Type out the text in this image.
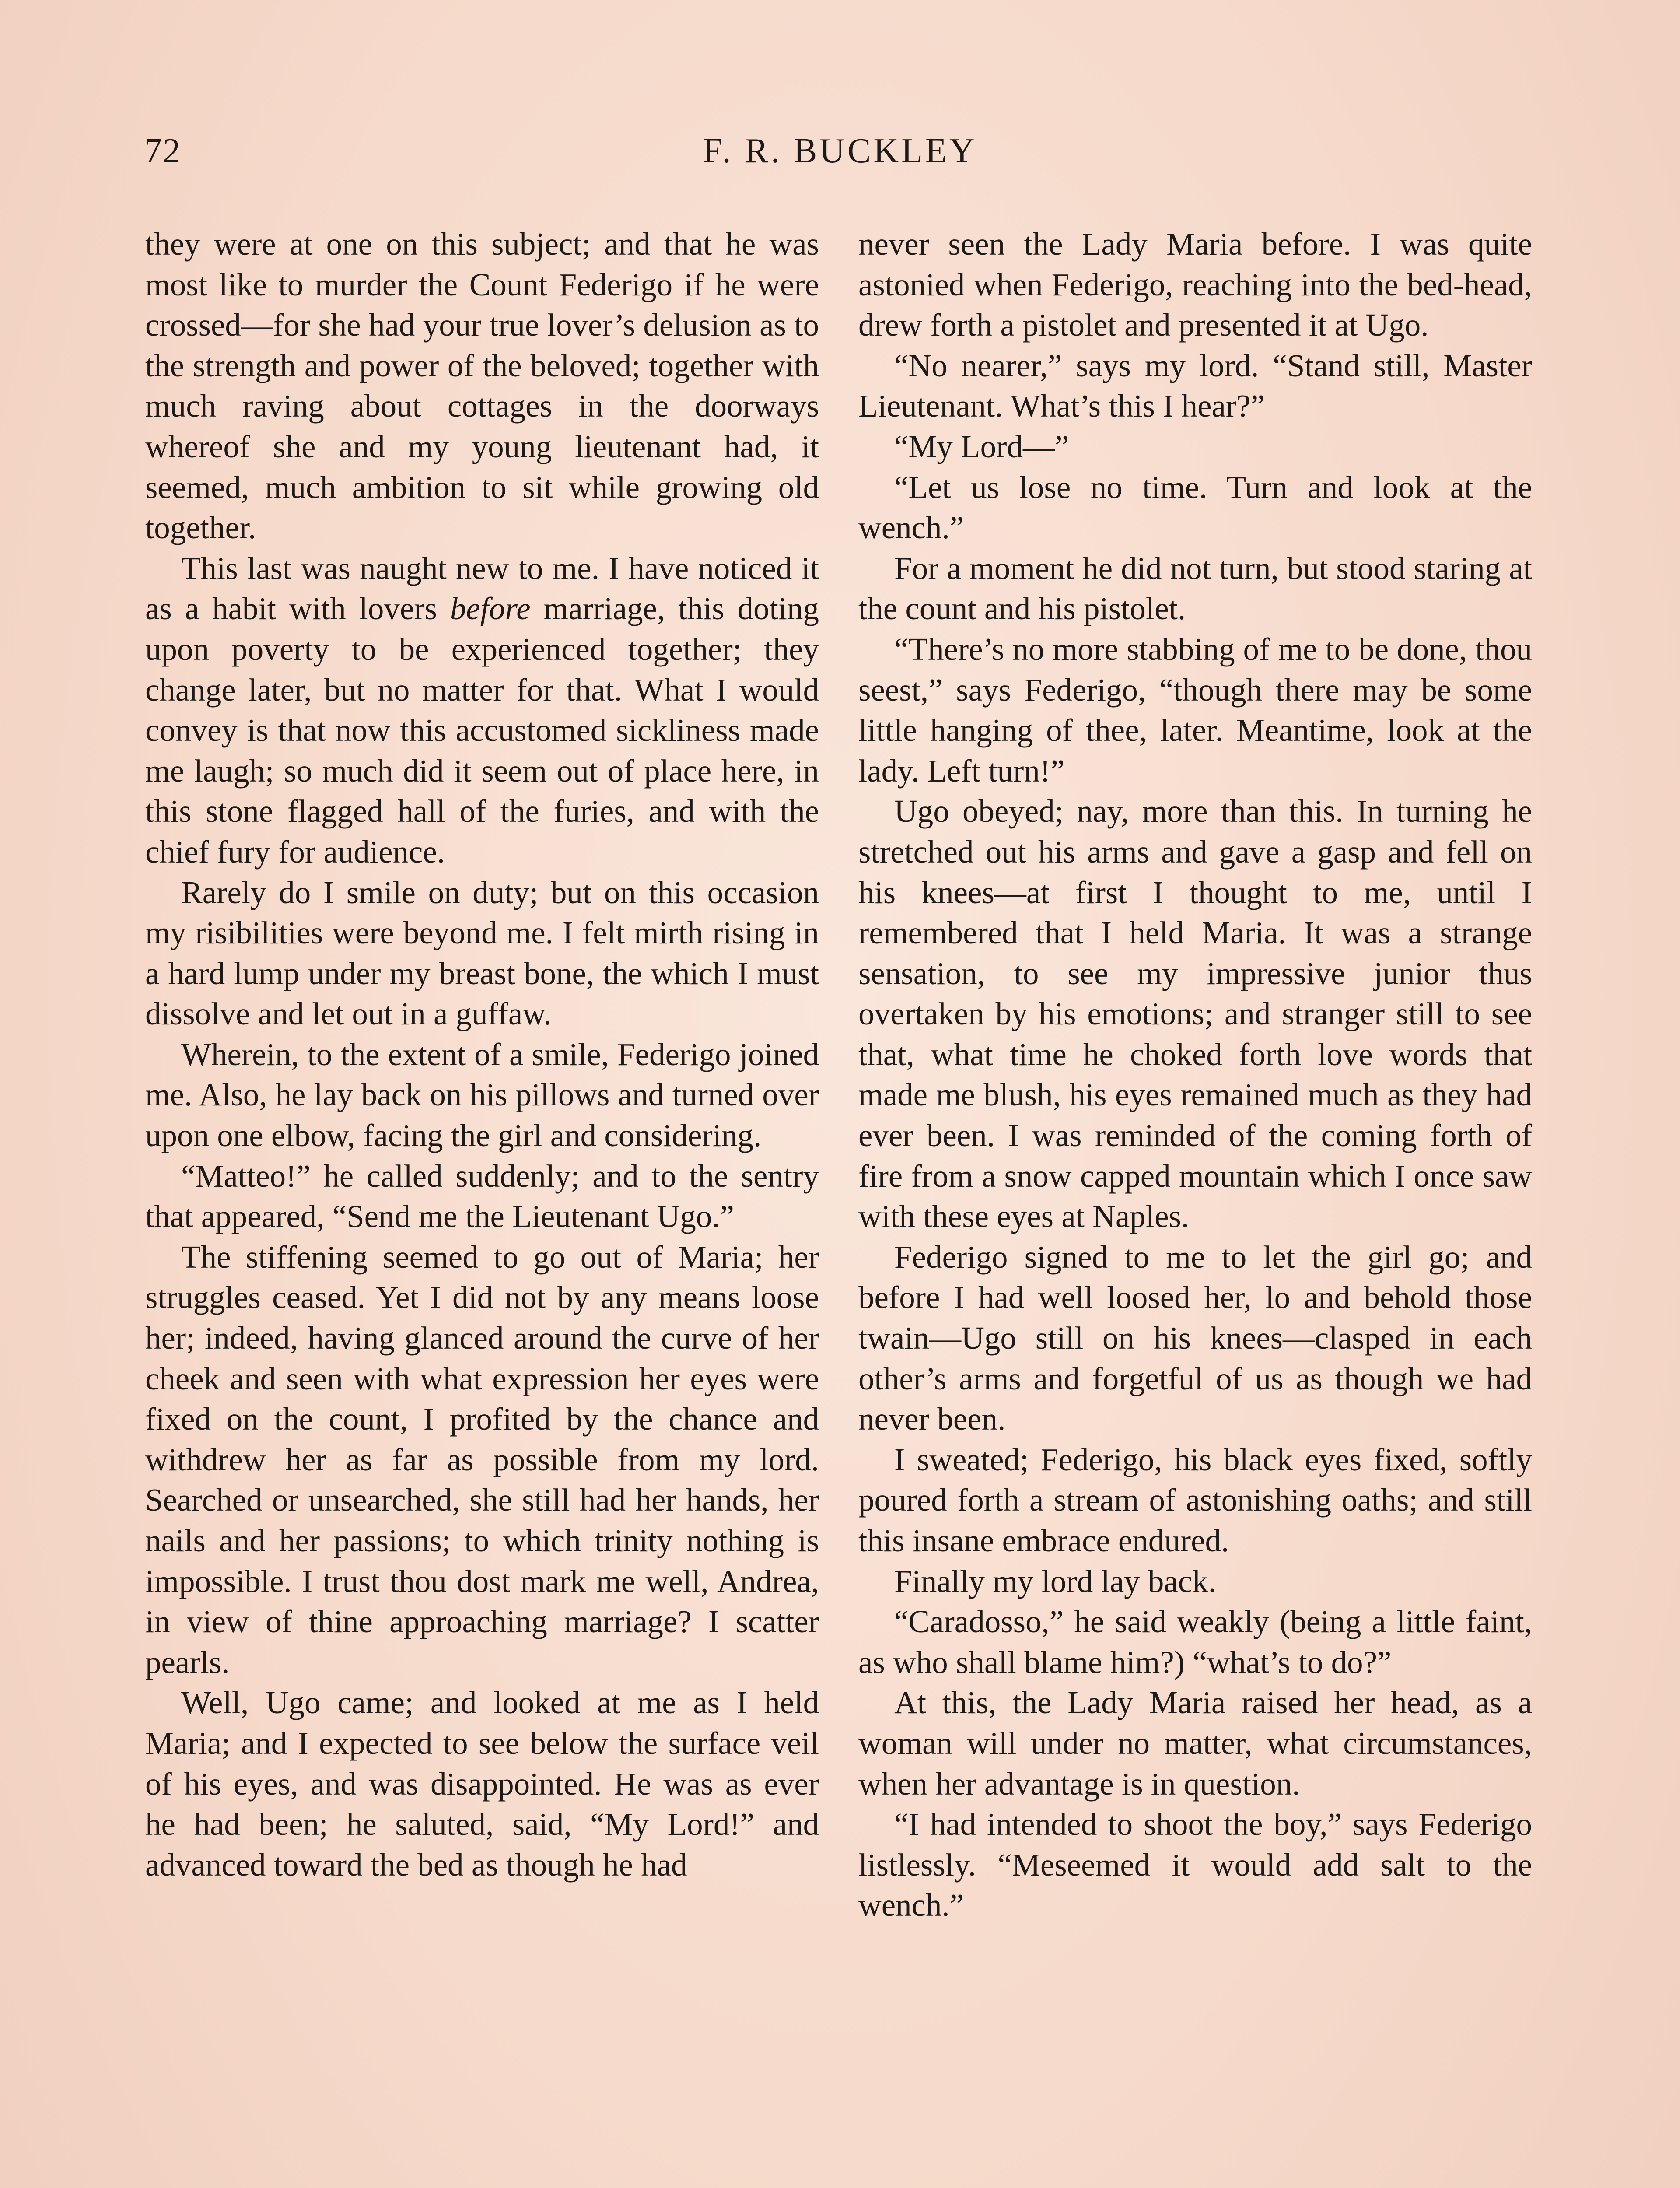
F. R. BUCKLEY
72

they were at one on this subject; and that he was most like to murder the Count Federigo if he were crossed—for she had your true lover’s delusion as to the strength and power of the beloved; together with much raving about cottages in the doorways whereof she and my young lieutenant had, it seemed, much ambition to sit while growing old together.

This last was naught new to me. I have noticed it as a habit with lovers before marriage, this doting upon poverty to be experienced together; they change later, but no matter for that. What I would convey is that now this accustomed sickliness made me laugh; so much did it seem out of place here, in this stone flagged hall of the furies, and with the chief fury for audience.

Rarely do I smile on duty; but on this occasion my risibilities were beyond me. I felt mirth rising in a hard lump under my breast bone, the which I must dissolve and let out in a guffaw.

Wherein, to the extent of a smile, Federigo joined me. Also, he lay back on his pillows and turned over upon one elbow, facing the girl and considering.

“Matteo!” he called suddenly; and to the sentry that appeared, “Send me the Lieutenant Ugo.”

The stiffening seemed to go out of Maria; her struggles ceased. Yet I did not by any means loose her; indeed, having glanced around the curve of her cheek and seen with what expression her eyes were fixed on the count, I profited by the chance and withdrew her as far as possible from my lord. Searched or unsearched, she still had her hands, her nails and her passions; to which trinity nothing is impossible. I trust thou dost mark me well, Andrea, in view of thine approaching marriage? I scatter pearls.

Well, Ugo came; and looked at me as I held Maria; and I expected to see below the surface veil of his eyes, and was disappointed. He was as ever he had been; he saluted, said, “My Lord!” and advanced toward the bed as though he had

never seen the Lady Maria before. I was quite astonied when Federigo, reaching into the bed-head, drew forth a pistolet and presented it at Ugo.

“No nearer,” says my lord. “Stand still, Master Lieutenant. What’s this I hear?”

“My Lord—”

“Let us lose no time. Turn and look at the wench.”

For a moment he did not turn, but stood staring at the count and his pistolet.

“There’s no more stabbing of me to be done, thou seest,” says Federigo, “though there may be some little hanging of thee, later. Meantime, look at the lady. Left turn!”

Ugo obeyed; nay, more than this. In turning he stretched out his arms and gave a gasp and fell on his knees—at first I thought to me, until I remembered that I held Maria. It was a strange sensation, to see my impressive junior thus overtaken by his emotions; and stranger still to see that, what time he choked forth love words that made me blush, his eyes remained much as they had ever been. I was reminded of the coming forth of fire from a snow capped mountain which I once saw with these eyes at Naples.

Federigo signed to me to let the girl go; and before I had well loosed her, lo and behold those twain—Ugo still on his knees—clasped in each other’s arms and forgetful of us as though we had never been.

I sweated; Federigo, his black eyes fixed, softly poured forth a stream of astonishing oaths; and still this insane embrace endured.

Finally my lord lay back.

“Caradosso,” he said weakly (being a little faint, as who shall blame him?) “what’s to do?”

At this, the Lady Maria raised her head, as a woman will under no matter, what circumstances, when her advantage is in question.

“I had intended to shoot the boy,” says Federigo listlessly. “Meseemed it would add salt to the wench.”
